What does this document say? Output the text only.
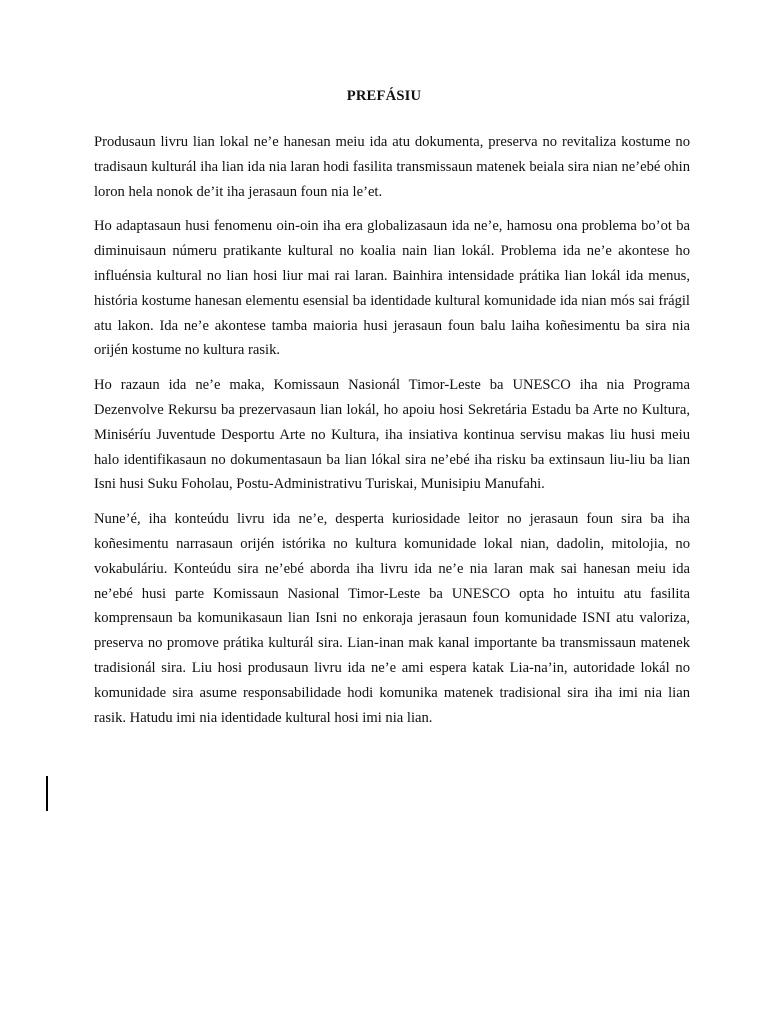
PREFÁSIU

Produsaun livru lian lokal ne’e hanesan meiu ida atu dokumenta, preserva no revitaliza kostume no tradisaun kulturál iha lian ida nia laran hodi fasilita transmissaun matenek beiala sira nian ne’ebé ohin loron hela nonok de’it iha jerasaun foun nia le’et.

Ho adaptasaun husi fenomenu oin-oin iha era globalizasaun ida ne’e, hamosu ona problema bo’ot ba diminuisaun númeru pratikante kultural no koalia nain lian lokál. Problema ida ne’e akontese ho influénsia kultural no lian hosi liur mai rai laran. Bainhira intensidade prátika lian lokál ida menus, história kostume hanesan elementu esensial ba identidade kultural komunidade ida nian mós sai frágil atu lakon. Ida ne’e akontese tamba maioria husi jerasaun foun balu laiha koñesimentu ba sira nia orijén kostume no kultura rasik.

Ho razaun ida ne’e maka, Komissaun Nasionál Timor-Leste ba UNESCO iha nia Programa Dezenvolve Rekursu ba prezervasaun lian lokál, ho apoiu hosi Sekretária Estadu ba Arte no Kultura, Miniséríu Juventude Desportu Arte no Kultura, iha insiativa kontinua servisu makas liu husi meiu halo identifikasaun no dokumentasaun ba lian lókal sira ne’ebé iha risku ba extinsaun liu-liu ba lian Isni husi Suku Foholau, Postu-Administrativu Turiskai, Munisipiu Manufahi.

Nune’é, iha konteúdu livru ida ne’e, desperta kuriosidade leitor no jerasaun foun sira ba iha koñesimentu narrasaun orijén istórika no kultura komunidade lokal nian, dadolin, mitolojia, no vokabuláriu. Konteúdu sira ne’ebé aborda iha livru ida ne’e nia laran mak sai hanesan meiu ida ne’ebé husi parte Komissaun Nasional Timor-Leste ba UNESCO opta ho intuitu atu fasilita komprensaun ba komunikasaun lian Isni no enkoraja jerasaun foun komunidade ISNI atu valoriza, preserva no promove prátika kulturál sira. Lian-inan mak kanal importante ba transmissaun matenek tradisionál sira. Liu hosi produsaun livru ida ne’e ami espera katak Lia-na’in, autoridade lokál no komunidade sira asume responsabilidade hodi komunika matenek tradisional sira iha imi nia lian rasik. Hatudu imi nia identidade kultural hosi imi nia lian.
